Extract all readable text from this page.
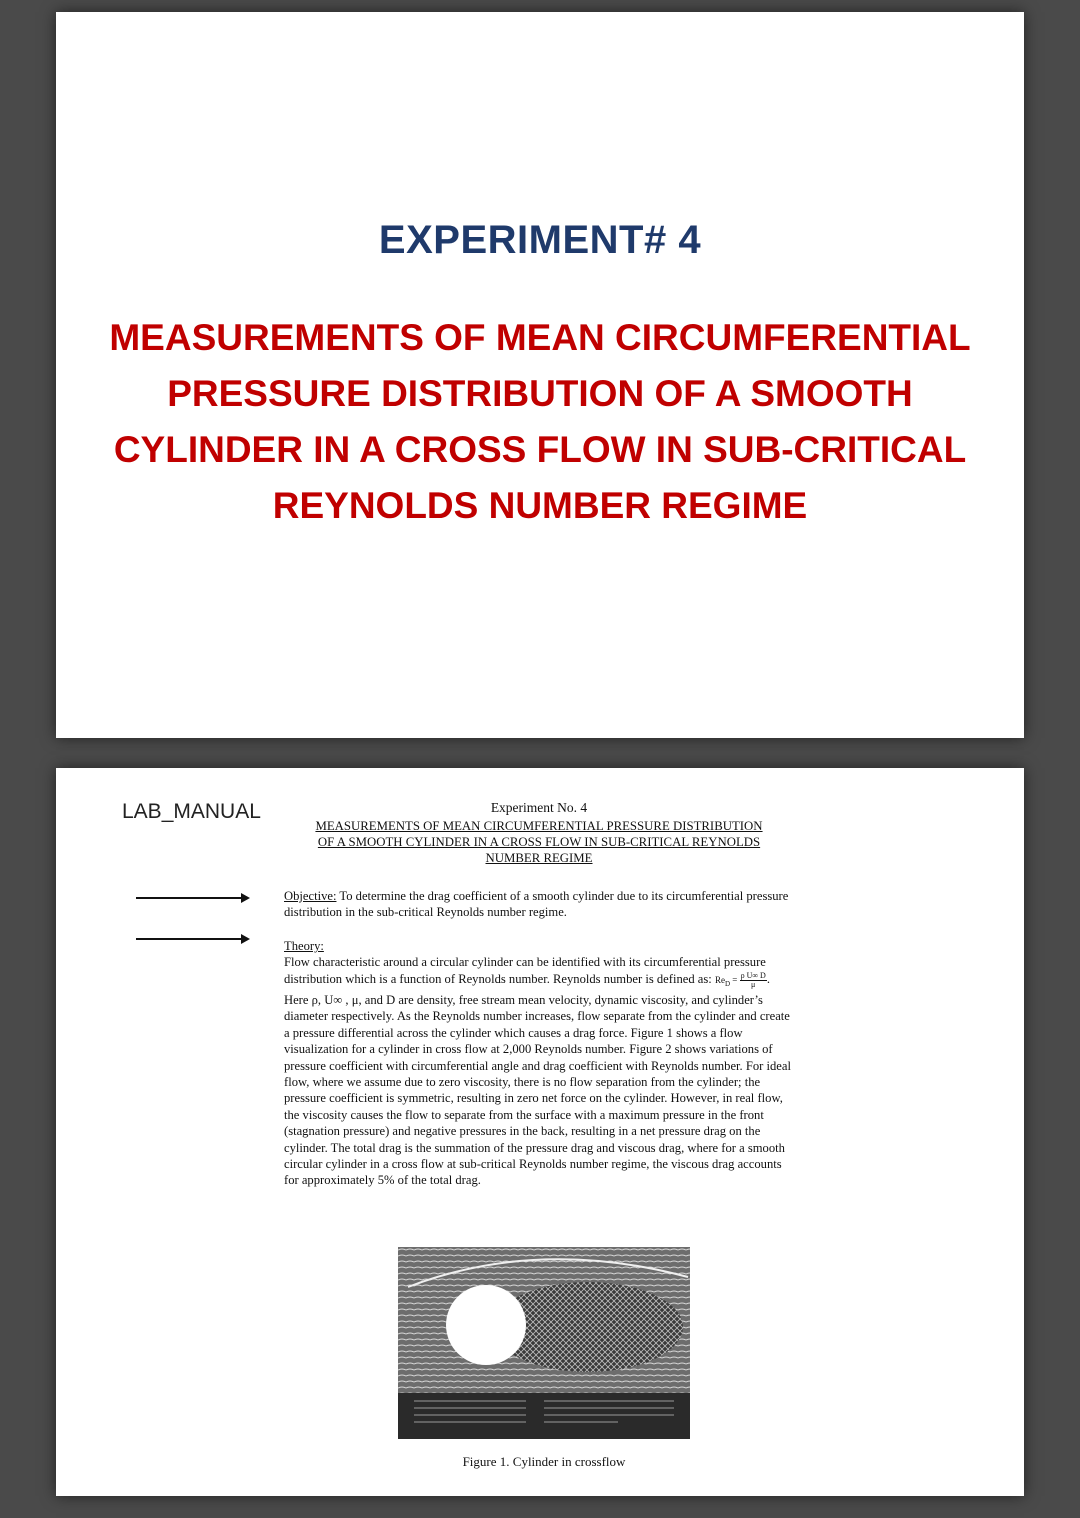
EXPERIMENT# 4
MEASUREMENTS OF MEAN CIRCUMFERENTIAL
PRESSURE DISTRIBUTION OF A SMOOTH
CYLINDER IN A CROSS FLOW IN SUB-CRITICAL
REYNOLDS NUMBER REGIME
LAB_MANUAL	Experiment No. 4
MEASUREMENTS OF MEAN CIRCUMFERENTIAL PRESSURE DISTRIBUTION
OF A SMOOTH CYLINDER IN A CROSS FLOW IN SUB-CRITICAL REYNOLDS
NUMBER REGIME
Objective: To determine the drag coefficient of a smooth cylinder due to its circumferential pressure distribution in the sub-critical Reynolds number regime.
Theory:
Flow characteristic around a circular cylinder can be identified with its circumferential pressure distribution which is a function of Reynolds number. Reynolds number is defined as: $Re_D = \frac{\text{ρ U∞ D}}{\mu}$ . Here ρ, U∞ , μ, and D are density, free stream mean velocity, dynamic viscosity, and cylinder’s diameter respectively. As the Reynolds number increases, flow separate from the cylinder and create a pressure differential across the cylinder which causes a drag force. Figure 1 shows a flow visualization for a cylinder in cross flow at 2,000 Reynolds number. Figure 2 shows variations of pressure coefficient with circumferential angle and drag coefficient with Reynolds number. For ideal flow, where we assume due to zero viscosity, there is no flow separation from the cylinder; the pressure coefficient is symmetric, resulting in zero net force on the cylinder. However, in real flow, the viscosity causes the flow to separate from the surface with a maximum pressure in the front (stagnation pressure) and negative pressures in the back, resulting in a net pressure drag on the cylinder. The total drag is the summation of the pressure drag and viscous drag, where for a smooth circular cylinder in a cross flow at sub-critical Reynolds number regime, the viscous drag accounts for approximately 5% of the total drag.
Figure 1. Cylinder in crossflow
